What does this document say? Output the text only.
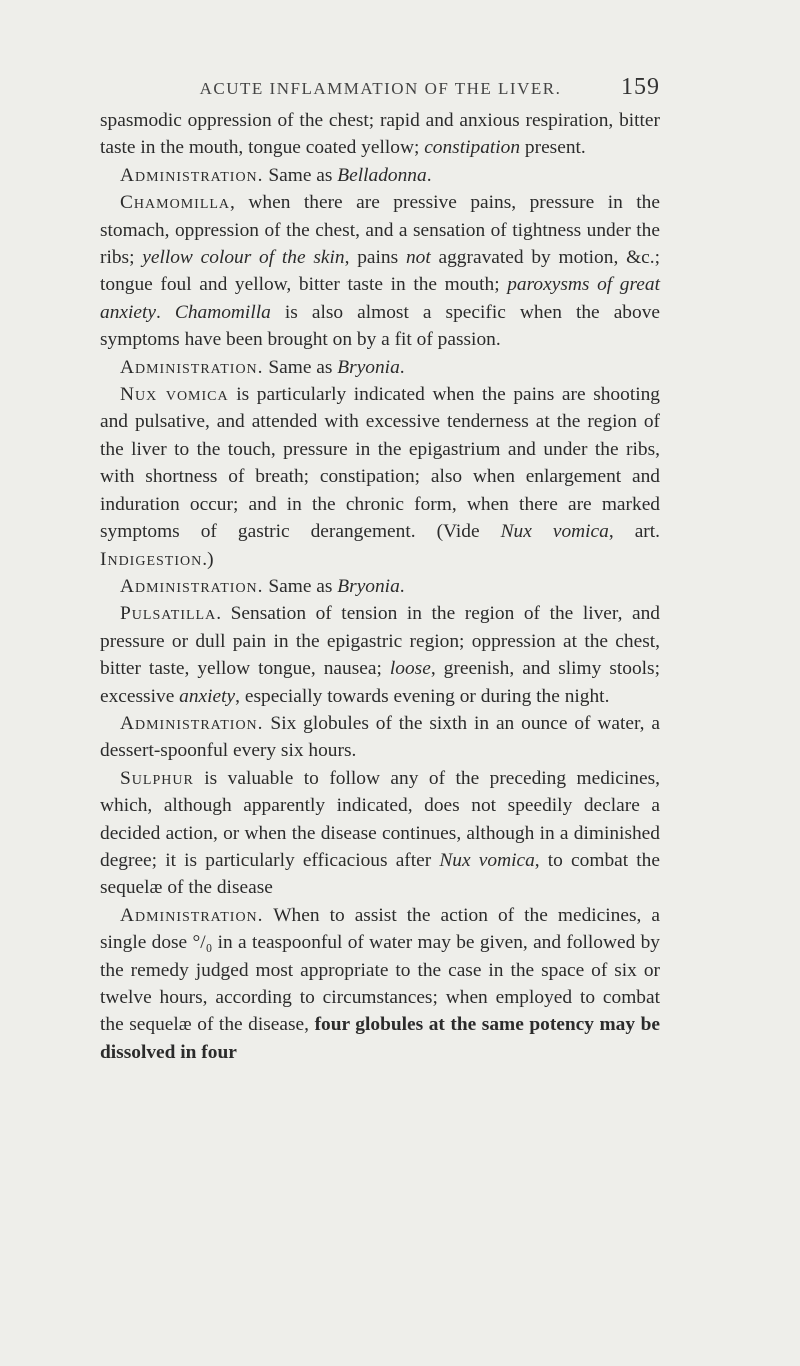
ACUTE INFLAMMATION OF THE LIVER.	159

spasmodic oppression of the chest; rapid and anxious respiration, bitter taste in the mouth, tongue coated yellow; constipation present.

Administration. Same as Belladonna.

Chamomilla, when there are pressive pains, pressure in the stomach, oppression of the chest, and a sensation of tightness under the ribs; yellow colour of the skin, pains not aggravated by motion, &c.; tongue foul and yellow, bitter taste in the mouth; paroxysms of great anxiety. Chamomilla is also almost a specific when the above symptoms have been brought on by a fit of passion.

Administration. Same as Bryonia.

Nux vomica is particularly indicated when the pains are shooting and pulsative, and attended with excessive tenderness at the region of the liver to the touch, pressure in the epigastrium and under the ribs, with shortness of breath; constipation; also when enlargement and induration occur; and in the chronic form, when there are marked symptoms of gastric derangement. (Vide Nux vomica, art. Indigestion.)

Administration. Same as Bryonia.

Pulsatilla. Sensation of tension in the region of the liver, and pressure or dull pain in the epigastric region; oppression at the chest, bitter taste, yellow tongue, nausea; loose, greenish, and slimy stools; excessive anxiety, especially towards evening or during the night.

Administration. Six globules of the sixth in an ounce of water, a dessert-spoonful every six hours.

Sulphur is valuable to follow any of the preceding medicines, which, although apparently indicated, does not speedily declare a decided action, or when the disease continues, although in a diminished degree; it is particularly efficacious after Nux vomica, to combat the sequelæ of the disease

Administration. When to assist the action of the medicines, a single dose °/₀ in a teaspoonful of water may be given, and followed by the remedy judged most appropriate to the case in the space of six or twelve hours, according to circumstances; when employed to combat the sequelæ of the disease, four globules at the same potency may be dissolved in four
